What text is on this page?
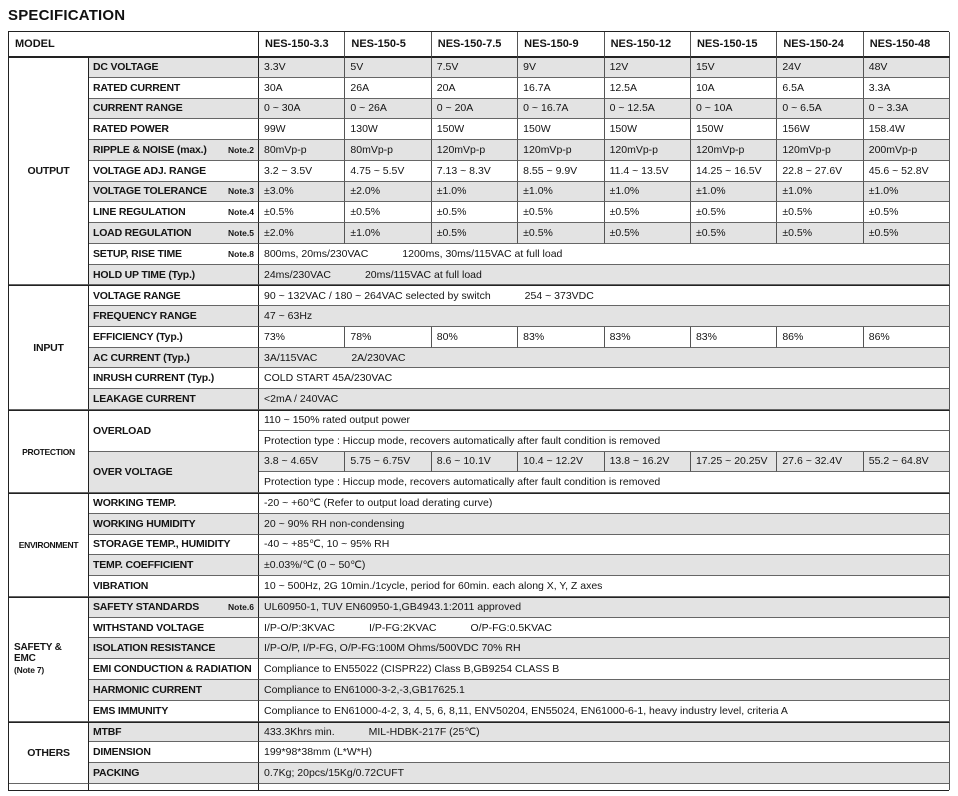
SPECIFICATION
MODEL	NES-150-3.3	NES-150-5	NES-150-7.5	NES-150-9	NES-150-12	NES-150-15	NES-150-24	NES-150-48
OUTPUT
DC VOLTAGE	3.3V	5V	7.5V	9V	12V	15V	24V	48V
RATED CURRENT	30A	26A	20A	16.7A	12.5A	10A	6.5A	3.3A
CURRENT RANGE	0 ~ 30A	0 ~ 26A	0 ~ 20A	0 ~ 16.7A	0 ~ 12.5A	0 ~ 10A	0 ~ 6.5A	0 ~ 3.3A
RATED POWER	99W	130W	150W	150W	150W	150W	156W	158.4W
RIPPLE & NOISE (max.)	Note.2 80mVp-p	80mVp-p	120mVp-p	120mVp-p	120mVp-p	120mVp-p	120mVp-p	200mVp-p
VOLTAGE ADJ. RANGE	3.2 ~ 3.5V	4.75 ~ 5.5V	7.13 ~ 8.3V	8.55 ~ 9.9V	11.4 ~ 13.5V	14.25 ~ 16.5V	22.8 ~ 27.6V	45.6 ~ 52.8V
VOLTAGE TOLERANCE Note.3 ±3.0%	±2.0%	±1.0%	±1.0%	±1.0%	±1.0%	±1.0%	±1.0%
LINE REGULATION	Note.4 ±0.5%	±0.5%	±0.5%	±0.5%	±0.5%	±0.5%	±0.5%	±0.5%
LOAD REGULATION	Note.5 ±2.0%	±1.0%	±0.5%	±0.5%	±0.5%	±0.5%	±0.5%	±0.5%
SETUP, RISE TIME	Note.8 800ms, 20ms/230VAC	1200ms, 30ms/115VAC at full load
HOLD UP TIME (Typ.)	24ms/230VAC	20ms/115VAC at full load
INPUT
VOLTAGE RANGE	90 ~ 132VAC / 180 ~ 264VAC selected by switch	254 ~ 373VDC
FREQUENCY RANGE	47 ~ 63Hz
EFFICIENCY (Typ.)	73%	78%	80%	83%	83%	83%	86%	86%
AC CURRENT (Typ.)	3A/115VAC	2A/230VAC
INRUSH CURRENT (Typ.)	COLD START 45A/230VAC
LEAKAGE CURRENT	<2mA / 240VAC
PROTECTION
OVERLOAD
110 ~ 150% rated output power
Protection type : Hiccup mode, recovers automatically after fault condition is removed
OVER VOLTAGE
3.8 ~ 4.65V	5.75 ~ 6.75V	8.6 ~ 10.1V	10.4 ~ 12.2V	13.8 ~ 16.2V	17.25 ~ 20.25V	27.6 ~ 32.4V	55.2 ~ 64.8V
Protection type : Hiccup mode, recovers automatically after fault condition is removed
ENVIRONMENT
WORKING TEMP.	-20 ~ +60℃ (Refer to output load derating curve)
WORKING HUMIDITY	20 ~ 90% RH non-condensing
STORAGE TEMP., HUMIDITY	-40 ~ +85℃, 10 ~ 95% RH
TEMP. COEFFICIENT	±0.03%/℃ (0 ~ 50℃)
VIBRATION	10 ~ 500Hz, 2G 10min./1cycle, period for 60min. each along X, Y, Z axes
SAFETY &
EMC
(Note 7)
SAFETY STANDARDS	Note.6 UL60950-1, TUV EN60950-1,GB4943.1:2011 approved
WITHSTAND VOLTAGE	I/P-O/P:3KVAC	I/P-FG:2KVAC	O/P-FG:0.5KVAC
ISOLATION RESISTANCE	I/P-O/P, I/P-FG, O/P-FG:100M Ohms/500VDC 70% RH
EMI CONDUCTION & RADIATION Compliance to EN55022 (CISPR22) Class B,GB9254 CLASS B
HARMONIC CURRENT	Compliance to EN61000-3-2,-3,GB17625.1
EMS IMMUNITY	Compliance to EN61000-4-2, 3, 4, 5, 6, 8,11, ENV50204, EN55024, EN61000-6-1, heavy industry level, criteria A
OTHERS
MTBF	433.3Khrs min.	MIL-HDBK-217F (25℃)
DIMENSION	199*98*38mm (L*W*H)
PACKING	0.7Kg; 20pcs/15Kg/0.72CUFT
